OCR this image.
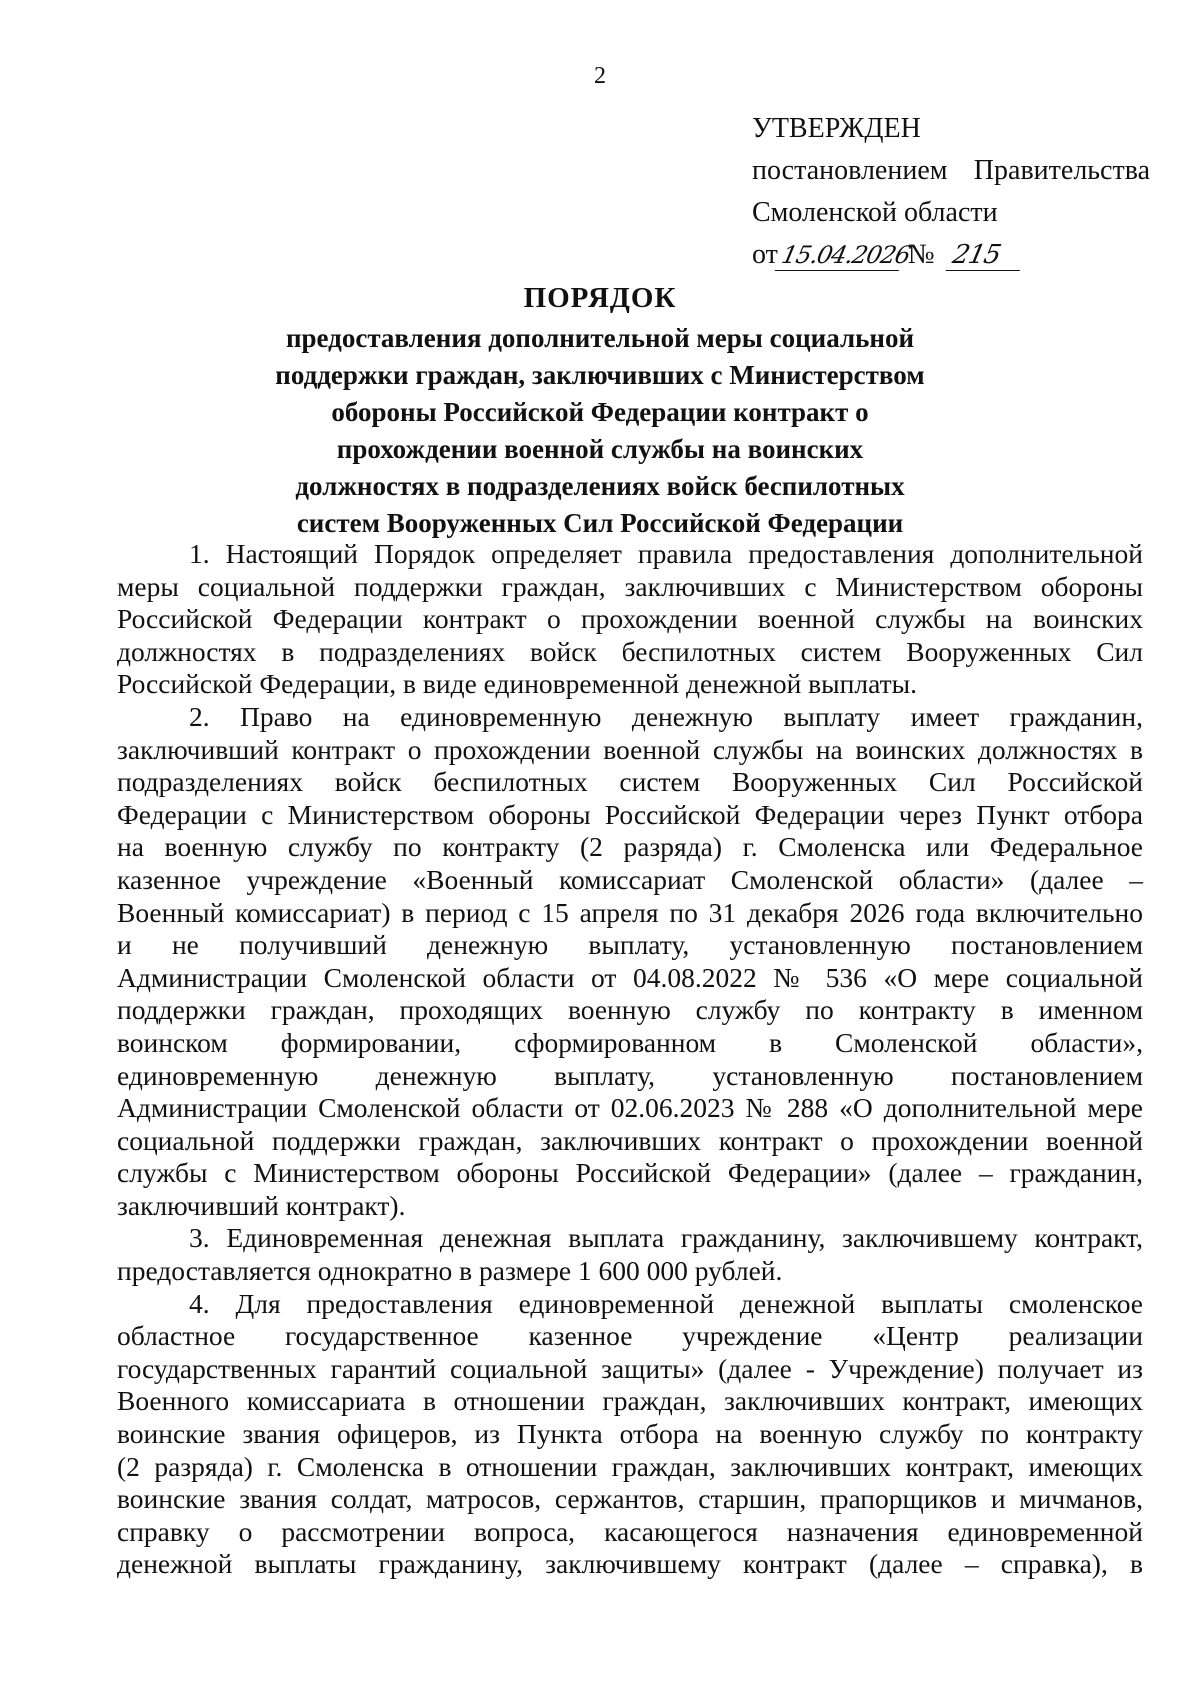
2
УТВЕРЖДЕН
постановлением Правительства
Смоленской области
от 15.04.2026
№ 215
ПОРЯДОК
предоставления дополнительной меры социальной
поддержки граждан, заключивших с Министерством
обороны Российской Федерации контракт о
прохождении военной службы на воинских
должностях в подразделениях войск беспилотных
систем Вооруженных Сил Российской Федерации
1. Настоящий Порядок определяет правила предоставления дополнительной
меры социальной поддержки граждан, заключивших с Министерством обороны
Российской Федерации контракт о прохождении военной службы на воинских
должностях в подразделениях войск беспилотных систем Вооруженных Сил
Российской Федерации, в виде единовременной денежной выплаты.
2. Право на единовременную денежную выплату имеет гражданин,
заключивший контракт о прохождении военной службы на воинских должностях в
подразделениях войск беспилотных систем Вооруженных Сил Российской
Федерации с Министерством обороны Российской Федерации через Пункт отбора
на военную службу по контракту (2 разряда) г. Смоленска или Федеральное
казенное учреждение «Военный комиссариат Смоленской области» (далее –
Военный комиссариат) в период с 15 апреля по 31 декабря 2026 года включительно
и не получивший денежную выплату, установленную постановлением
Администрации Смоленской области от 04.08.2022 № 536 «О мере социальной
поддержки граждан, проходящих военную службу по контракту в именном
воинском формировании, сформированном в Смоленской области»,
единовременную денежную выплату, установленную постановлением
Администрации Смоленской области от 02.06.2023 № 288 «О дополнительной мере
социальной поддержки граждан, заключивших контракт о прохождении военной
службы с Министерством обороны Российской Федерации» (далее – гражданин,
заключивший контракт).
3. Единовременная денежная выплата гражданину, заключившему контракт,
предоставляется однократно в размере 1 600 000 рублей.
4. Для предоставления единовременной денежной выплаты смоленское
областное государственное казенное учреждение «Центр реализации
государственных гарантий социальной защиты» (далее - Учреждение) получает из
Военного комиссариата в отношении граждан, заключивших контракт, имеющих
воинские звания офицеров, из Пункта отбора на военную службу по контракту
(2 разряда) г. Смоленска в отношении граждан, заключивших контракт, имеющих
воинские звания солдат, матросов, сержантов, старшин, прапорщиков и мичманов,
справку о рассмотрении вопроса, касающегося назначения единовременной
денежной выплаты гражданину, заключившему контракт (далее – справка), в
